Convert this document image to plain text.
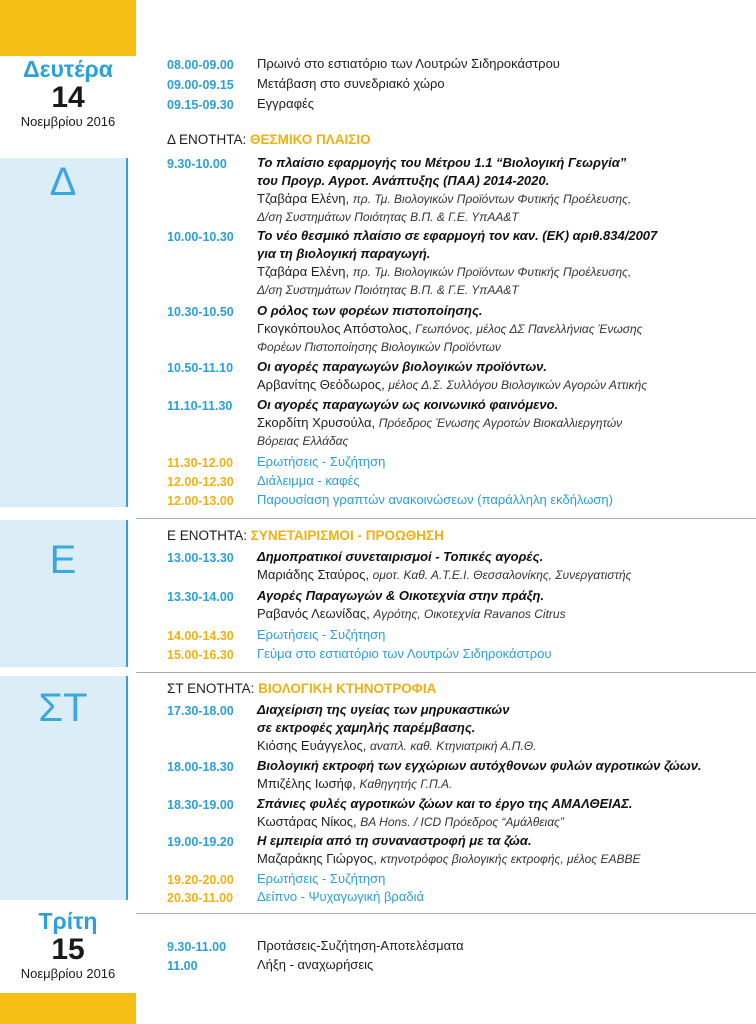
Δευτέρα
14
Νοεμβρίου 2016
Τρίτη
15
Νοεμβρίου 2016
Δ
Ε
ΣΤ
08.00-09.00 Πρωινό στο εστιατόριο των Λουτρών Σιδηροκάστρου
09.00-09.15 Μετάβαση στο συνεδριακό χώρο
09.15-09.30 Εγγραφές
Δ ΕΝΟΤΗΤΑ: ΘΕΣΜΙΚΟ ΠΛΑΙΣΙΟ
9.30-10.00 Το πλαίσιο εφαρμογής του Μέτρου 1.1 “Βιολογική Γεωργία”
του Προγρ. Αγροτ. Ανάπτυξης (ΠΑΑ) 2014-2020.
Τζαβάρα Ελένη, πρ. Τμ. Βιολογικών Προϊόντων Φυτικής Προέλευσης,
Δ/ση Συστημάτων Ποιότητας Β.Π. & Γ.Ε. ΥπΑΑ&Τ
10.00-10.30 Το νέο θεσμικό πλαίσιο σε εφαρμογή τον καν. (ΕΚ) αριθ.834/2007
για τη βιολογική παραγωγή.
Τζαβάρα Ελένη, πρ. Τμ. Βιολογικών Προϊόντων Φυτικής Προέλευσης,
Δ/ση Συστημάτων Ποιότητας Β.Π. & Γ.Ε. ΥπΑΑ&Τ
10.30-10.50 Ο ρόλος των φορέων πιστοποίησης.
Γκογκόπουλος Απόστολος, Γεωπόνος, μέλος ΔΣ Πανελλήνιας Ένωσης
Φορέων Πιστοποίησης Βιολογικών Προϊόντων
10.50-11.10 Οι αγορές παραγωγών βιολογικών προϊόντων.
Αρβανίτης Θεόδωρος, μέλος Δ.Σ. Συλλόγου Βιολογικών Αγορών Αττικής
11.10-11.30 Οι αγορές παραγωγών ως κοινωνικό φαινόμενο.
Σκορδίτη Χρυσούλα, Πρόεδρος Ένωσης Αγροτών Βιοκαλλιεργητών
Βόρειας Ελλάδας
11.30-12.00 Ερωτήσεις - Συζήτηση
12.00-12.30 Διάλειμμα - καφές
12.00-13.00 Παρουσίαση γραπτών ανακοινώσεων (παράλληλη εκδήλωση)
Ε ΕΝΟΤΗΤΑ: ΣΥΝΕΤΑΙΡΙΣΜΟΙ - ΠΡΟΩΘΗΣΗ
13.00-13.30 Δημοπρατικοί συνεταιρισμοί - Τοπικές αγορές.
Μαριάδης Σταύρος, ομοτ. Καθ. Α.Τ.Ε.Ι. Θεσσαλονίκης, Συνεργατιστής
13.30-14.00 Αγορές Παραγωγών & Οικοτεχνία στην πράξη.
Ραβανός Λεωνίδας, Αγρότης, Οικοτεχνία Ravanos Citrus
14.00-14.30 Ερωτήσεις - Συζήτηση
15.00-16.30 Γεύμα στο εστιατόριο των Λουτρών Σιδηροκάστρου
ΣΤ ΕΝΟΤΗΤΑ: ΒΙΟΛΟΓΙΚΗ ΚΤΗΝΟΤΡΟΦΙΑ
17.30-18.00 Διαχείριση της υγείας των μηρυκαστικών
σε εκτροφές χαμηλής παρέμβασης.
Κιόσης Ευάγγελος, αναπλ. καθ. Κτηνιατρική Α.Π.Θ.
18.00-18.30 Βιολογική εκτροφή των εγχώριων αυτόχθονων φυλών αγροτικών ζώων.
Μπιζέλης Ιωσήφ, Καθηγητής Γ.Π.Α.
18.30-19.00 Σπάνιες φυλές αγροτικών ζώων και το έργο της ΑΜΑΛΘΕΙΑΣ.
Κωστάρας Νίκος, BA Hons. / ICD Πρόεδρος “Αμάλθειας”
19.00-19.20 Η εμπειρία από τη συναναστροφή με τα ζώα.
Μαζαράκης Γιώργος, κτηνοτρόφος βιολογικής εκτροφής, μέλος ΕΑΒΒΕ
19.20-20.00 Ερωτήσεις - Συζήτηση
20.30-11.00 Δείπνο - Ψυχαγωγική βραδιά
9.30-11.00 Προτάσεις-Συζήτηση-Αποτελέσματα
11.00	Λήξη - αναχωρήσεις
